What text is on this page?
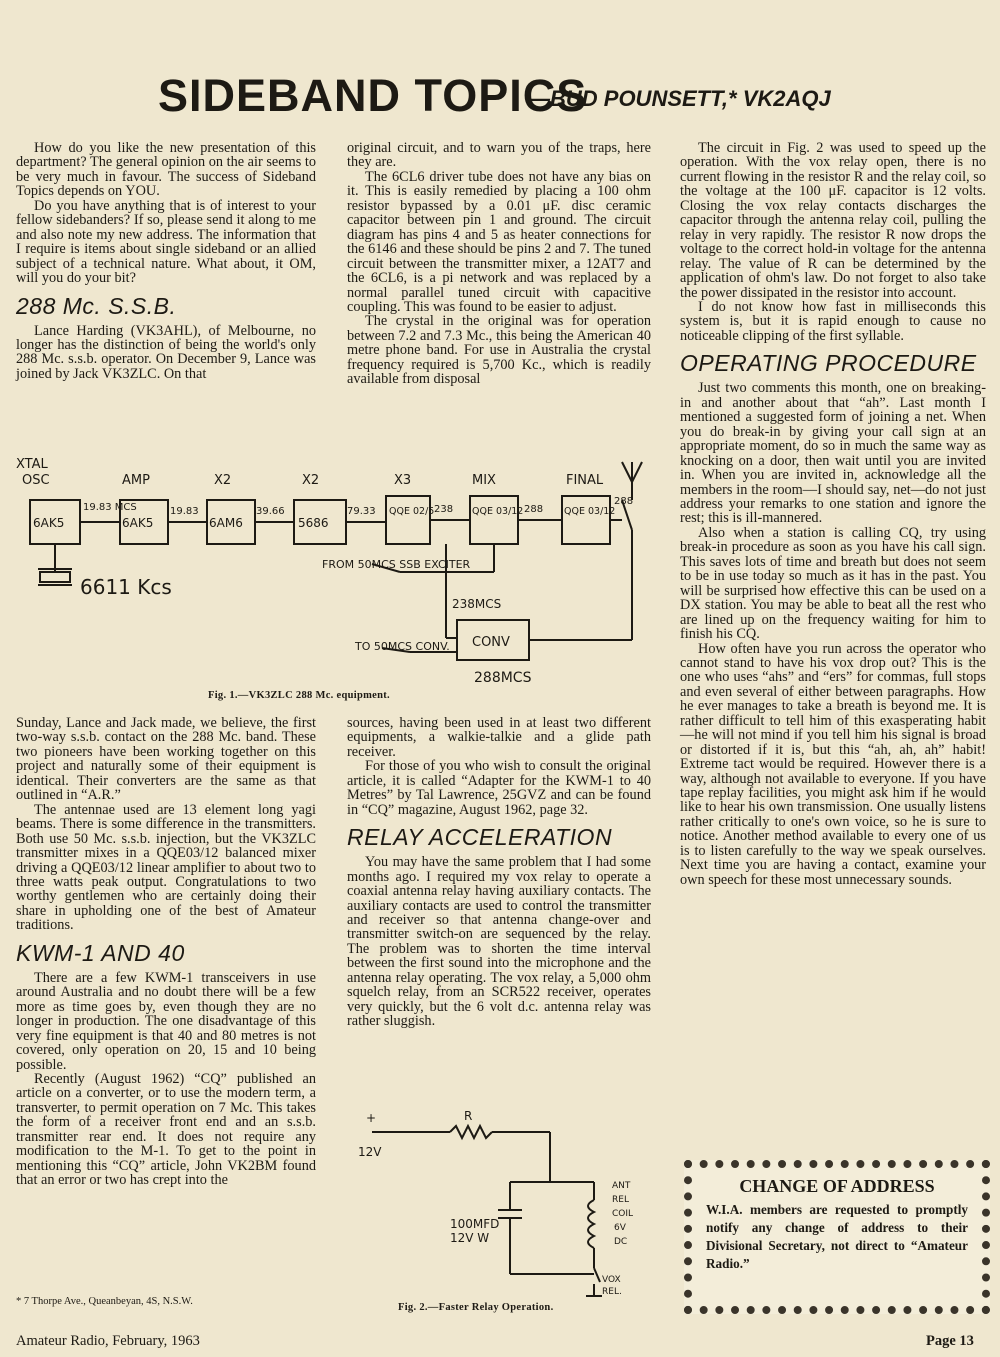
SIDEBAND TOPICS
—BUD POUNSETT,* VK2AQJ

How do you like the new presentation of this department? The general opinion on the air seems to be very much in favour. The success of Sideband Topics depends on YOU.

Do you have anything that is of interest to your fellow sidebanders? If so, please send it along to me and also note my new address. The information that I require is items about single sideband or an allied subject of a technical nature. What about, it OM, will you do your bit?

288 Mc. S.S.B.

Lance Harding (VK3AHL), of Melbourne, no longer has the distinction of being the world's only 288 Mc. s.s.b. operator. On December 9, Lance was joined by Jack VK3ZLC. On that

original circuit, and to warn you of the traps, here they are.

The 6CL6 driver tube does not have any bias on it. This is easily remedied by placing a 100 ohm resistor bypassed by a 0.01 μF. disc ceramic capacitor between pin 1 and ground. The circuit diagram has pins 4 and 5 as heater connections for the 6146 and these should be pins 2 and 7. The tuned circuit between the transmitter mixer, a 12AT7 and the 6CL6, is a pi network and was replaced by a normal parallel tuned circuit with capacitive coupling. This was found to be easier to adjust.

The crystal in the original was for operation between 7.2 and 7.3 Mc., this being the American 40 metre phone band. For use in Australia the crystal frequency required is 5,700 Kc., which is readily available from disposal

The circuit in Fig. 2 was used to speed up the operation. With the vox relay open, there is no current flowing in the resistor R and the relay coil, so the voltage at the 100 μF. capacitor is 12 volts. Closing the vox relay contacts discharges the capacitor through the antenna relay coil, pulling the relay in very rapidly. The resistor R now drops the voltage to the correct hold-in voltage for the antenna relay. The value of R can be determined by the application of ohm's law. Do not forget to also take the power dissipated in the resistor into account.

I do not know how fast in milliseconds this system is, but it is rapid enough to cause no noticeable clipping of the first syllable.

OPERATING PROCEDURE

Just two comments this month, one on breaking-in and another about that “ah”. Last month I mentioned a suggested form of joining a net. When you do break-in by giving your call sign at an appropriate moment, do so in much the same way as knocking on a door, then wait until you are invited in. When you are invited in, acknowledge all the members in the room—I should say, net—do not just address your remarks to one station and ignore the rest; this is ill-mannered.

Also when a station is calling CQ, try using break-in procedure as soon as you have his call sign. This saves lots of time and breath but does not seem to be in use today so much as it has in the past. You will be surprised how effective this can be used on a DX station. You may be able to beat all the rest who are lined up on the frequency waiting for him to finish his CQ.

How often have you run across the operator who cannot stand to have his vox drop out? This is the one who uses “ahs” and “ers” for commas, full stops and even several of either between paragraphs. How he ever manages to take a breath is beyond me. It is rather difficult to tell him of this exasperating habit—he will not mind if you tell him his signal is broad or distorted if it is, but this “ah, ah, ah” habit! Extreme tact would be required. However there is a way, although not available to everyone. If you have tape replay facilities, you might ask him if he would like to hear his own transmission. One usually listens rather critically to one's own voice, so he is sure to notice. Another method available to every one of us is to listen carefully to the way we speak ourselves. Next time you are having a contact, examine your own speech for these most unnecessary sounds.

XTAL
OSC	AMP	X2	X2	X3	MIX	FINAL
6AK5	6AK5	6AM6	5686
288MCS
19.83 MCS	19.83	39.66	79.33	238	288
288
QQE 02/5	QQE 03/12	QQE 03/12
6611 Kcs
FROM 50MCS SSB EXCITER
TO 50MCS CONV.
238MCS
CONV
Fig. 1.—VK3ZLC 288 Mc. equipment.

Sunday, Lance and Jack made, we believe, the first two-way s.s.b. contact on the 288 Mc. band. These two pioneers have been working together on this project and naturally some of their equipment is identical. Their converters are the same as that outlined in “A.R.”

The antennae used are 13 element long yagi beams. There is some difference in the transmitters. Both use 50 Mc. s.s.b. injection, but the VK3ZLC transmitter mixes in a QQE03/12 balanced mixer driving a QQE03/12 linear amplifier to about two to three watts peak output. Congratulations to two worthy gentlemen who are certainly doing their share in upholding one of the best of Amateur traditions.

KWM-1 AND 40

There are a few KWM-1 transceivers in use around Australia and no doubt there will be a few more as time goes by, even though they are no longer in production. The one disadvantage of this very fine equipment is that 40 and 80 metres is not covered, only operation on 20, 15 and 10 being possible.

Recently (August 1962) “CQ” published an article on a converter, or to use the modern term, a transverter, to permit operation on 7 Mc. This takes the form of a receiver front end and an s.s.b. transmitter rear end. It does not require any modification to the M-1. To get to the point in mentioning this “CQ” article, John VK2BM found that an error or two has crept into the

* 7 Thorpe Ave., Queanbeyan, 4S, N.S.W.

sources, having been used in at least two different equipments, a walkie-talkie and a glide path receiver.

For those of you who wish to consult the original article, it is called “Adapter for the KWM-1 to 40 Metres” by Tal Lawrence, 25GVZ and can be found in “CQ” magazine, August 1962, page 32.

RELAY ACCELERATION

You may have the same problem that I had some months ago. I required my vox relay to operate a coaxial antenna relay having auxiliary contacts. The auxiliary contacts are used to control the transmitter and receiver so that antenna change-over and transmitter switch-on are sequenced by the relay. The problem was to shorten the time interval between the first sound into the microphone and the antenna relay operating. The vox relay, a 5,000 ohm squelch relay, from an SCR522 receiver, operates very quickly, but the 6 volt d.c. antenna relay was rather sluggish.

+
12V
R
100MFD
12V W
ANT
REL
COIL
6V
DC
VOX
REL.
Fig. 2.—Faster Relay Operation.
CHANGE OF ADDRESS
W.I.A. members are requested to promptly notify any change of address to their Divisional Secretary, not direct to “Amateur Radio.”
Amateur Radio, February, 1963	Page 13
